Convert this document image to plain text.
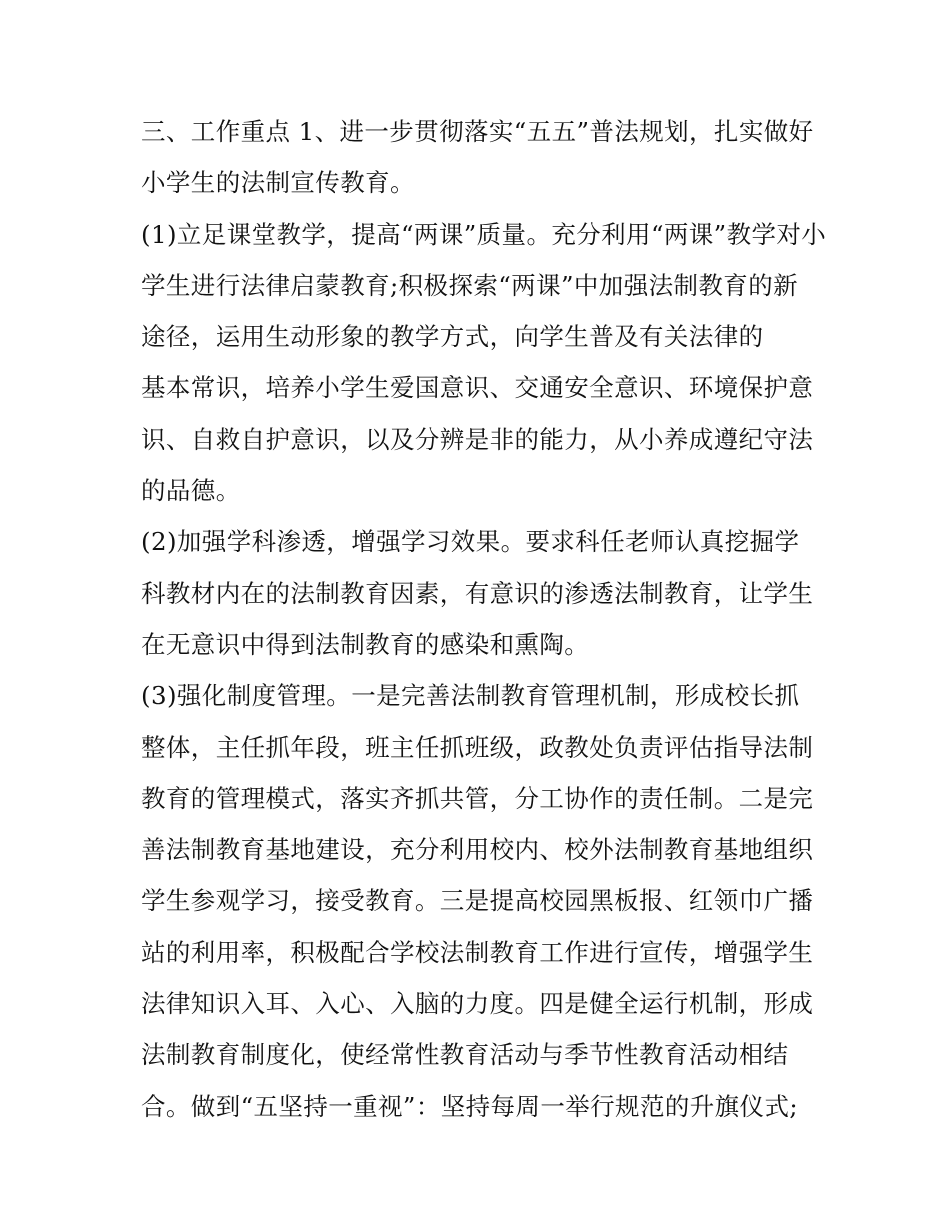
三、工作重点 1、进一步贯彻落实“五五”普法规划，扎实做好
小学生的法制宣传教育。
(1)立足课堂教学，提高“两课”质量。充分利用“两课”教学对小
学生进行法律启蒙教育;积极探索“两课”中加强法制教育的新
途径，运用生动形象的教学方式，向学生普及有关法律的
基本常识，培养小学生爱国意识、交通安全意识、环境保护意
识、自救自护意识，以及分辨是非的能力，从小养成遵纪守法
的品德。
(2)加强学科渗透，增强学习效果。要求科任老师认真挖掘学
科教材内在的法制教育因素，有意识的渗透法制教育，让学生
在无意识中得到法制教育的感染和熏陶。
(3)强化制度管理。一是完善法制教育管理机制，形成校长抓
整体，主任抓年段，班主任抓班级，政教处负责评估指导法制
教育的管理模式，落实齐抓共管，分工协作的责任制。二是完
善法制教育基地建设，充分利用校内、校外法制教育基地组织
学生参观学习，接受教育。三是提高校园黑板报、红领巾广播
站的利用率，积极配合学校法制教育工作进行宣传，增强学生
法律知识入耳、入心、入脑的力度。四是健全运行机制，形成
法制教育制度化，使经常性教育活动与季节性教育活动相结
合。做到“五坚持一重视”：坚持每周一举行规范的升旗仪式;
